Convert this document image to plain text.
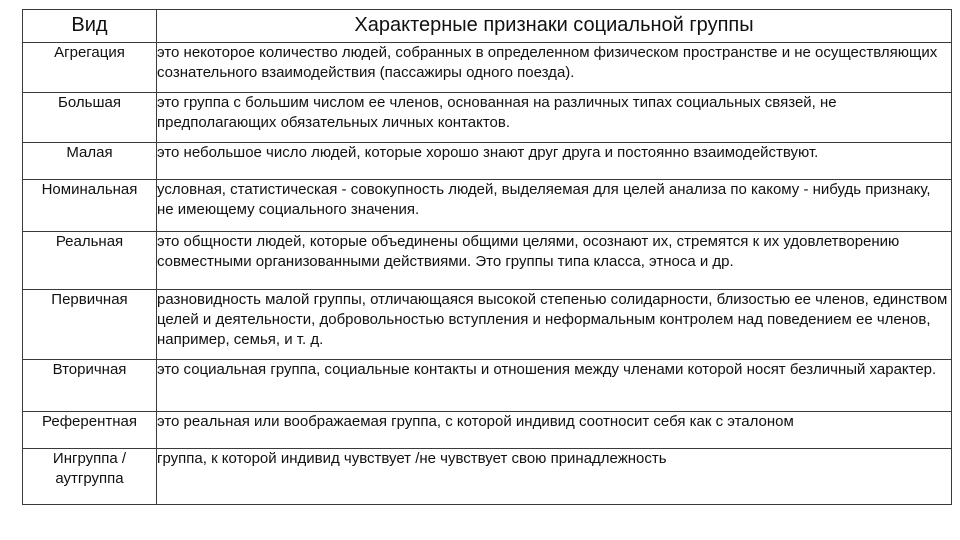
Вид	Характерные признаки социальной группы
Агрегация	это некоторое количество людей, собранных в определенном физическом пространстве и не осуществляющих сознательного взаимодействия (пассажиры одного поезда).
Большая	это группа с большим числом ее членов, основанная на различных типах социальных связей, не предполагающих обязательных личных контактов.
Малая	это небольшое число людей, которые хорошо знают друг друга и постоянно взаимодействуют.
Номинальная	условная, статистическая - совокупность людей, выделяемая для целей анализа по какому - нибудь признаку, не имеющему социального значения.
Реальная	это общности людей, которые объединены общими целями, осознают их, стремятся к их удовлетворению совместными организованными действиями. Это группы типа класса, этноса и др.
Первичная	разновидность малой группы, отличающаяся высокой степенью солидарности, близостью ее членов, единством целей и деятельности, добровольностью вступления и неформальным контролем над поведением ее членов, например, семья, и т. д.
Вторичная	это социальная группа, социальные контакты и отношения между членами которой носят безличный характер.
Референтная	это реальная или воображаемая группа, с которой индивид соотносит себя как с эталоном
Ингруппа / аутгруппа	группа, к которой индивид чувствует /не чувствует свою принадлежность
